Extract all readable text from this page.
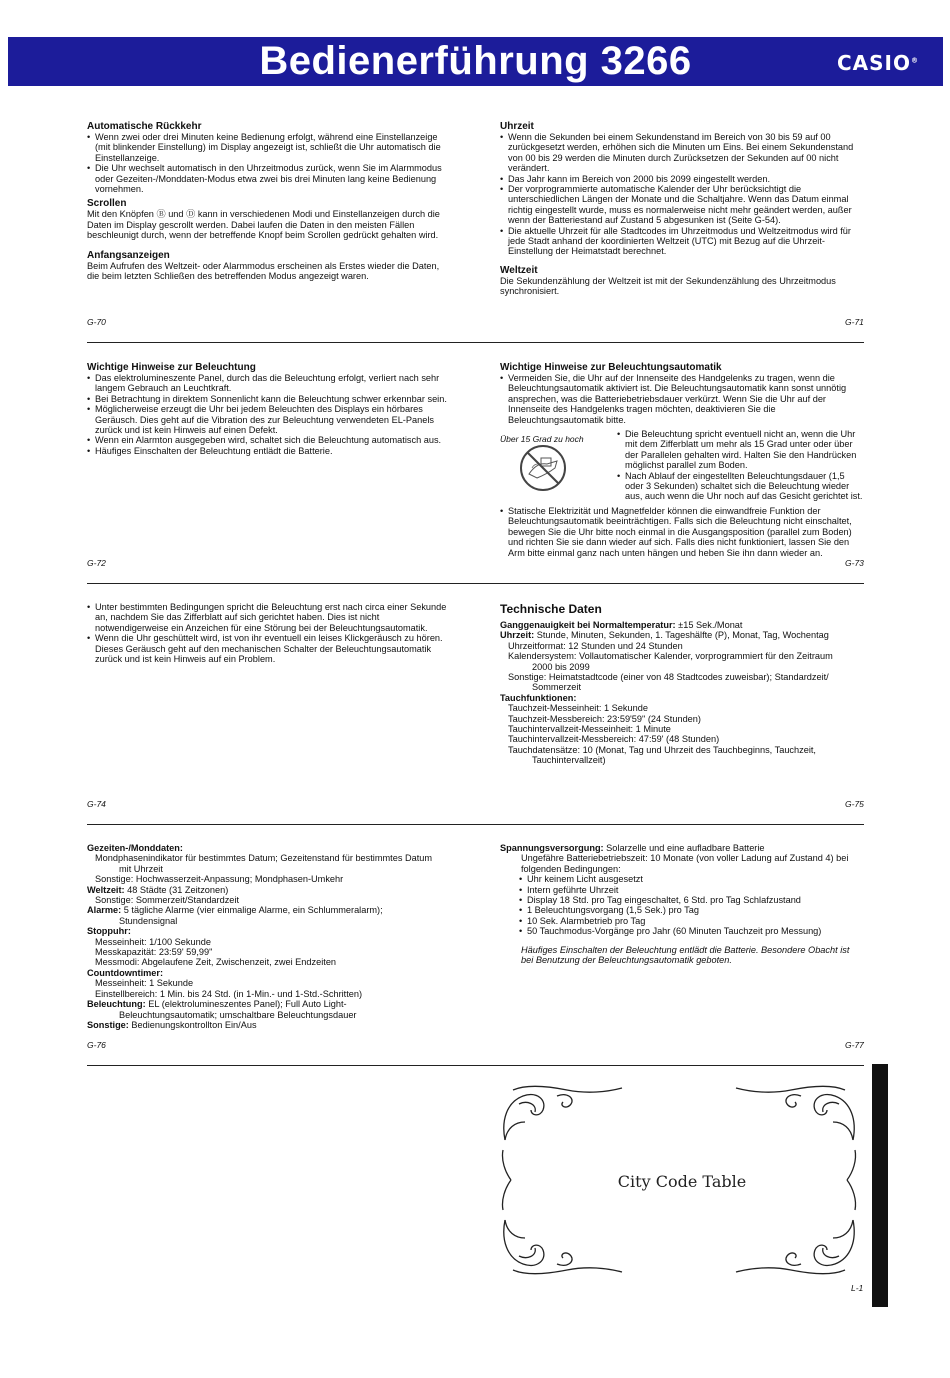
Bedienerführung 3266	CASIO®
Automatische Rückkehr
• Wenn zwei oder drei Minuten keine Bedienung erfolgt, während eine Einstellanzeige (mit blinkender Einstellung) im Display angezeigt ist, schließt die Uhr automatisch die Einstellanzeige.
• Die Uhr wechselt automatisch in den Uhrzeitmodus zurück, wenn Sie im Alarmmodus oder Gezeiten-/Monddaten-Modus etwa zwei bis drei Minuten lang keine Bedienung vornehmen.
Scrollen

Mit den Knöpfen Ⓑ und Ⓓ kann in verschiedenen Modi und Einstellanzeigen durch die Daten im Display gescrollt werden. Dabei laufen die Daten in den meisten Fällen beschleunigt durch, wenn der betreffende Knopf beim Scrollen gedrückt gehalten wird.

Anfangsanzeigen

Beim Aufrufen des Weltzeit- oder Alarmmodus erscheinen als Erstes wieder die Daten, die beim letzten Schließen des betreffenden Modus angezeigt waren.

G-70
Uhrzeit
• Wenn die Sekunden bei einem Sekundenstand im Bereich von 30 bis 59 auf 00 zurückgesetzt werden, erhöhen sich die Minuten um Eins. Bei einem Sekundenstand von 00 bis 29 werden die Minuten durch Zurücksetzen der Sekunden auf 00 nicht verändert.
• Das Jahr kann im Bereich von 2000 bis 2099 eingestellt werden.
• Der vorprogrammierte automatische Kalender der Uhr berücksichtigt die unterschiedlichen Längen der Monate und die Schaltjahre. Wenn das Datum einmal richtig eingestellt wurde, muss es normalerweise nicht mehr geändert werden, außer wenn der Batteriestand auf Zustand 5 abgesunken ist (Seite G-54).
• Die aktuelle Uhrzeit für alle Stadtcodes im Uhrzeitmodus und Weltzeitmodus wird für jede Stadt anhand der koordinierten Weltzeit (UTC) mit Bezug auf die Uhrzeit-Einstellung der Heimatstadt berechnet.
Weltzeit

Die Sekundenzählung der Weltzeit ist mit der Sekundenzählung des Uhrzeitmodus synchronisiert.

G-71
Wichtige Hinweise zur Beleuchtung
• Das elektrolumineszente Panel, durch das die Beleuchtung erfolgt, verliert nach sehr langem Gebrauch an Leuchtkraft.
• Bei Betrachtung in direktem Sonnenlicht kann die Beleuchtung schwer erkennbar sein.
• Möglicherweise erzeugt die Uhr bei jedem Beleuchten des Displays ein hörbares Geräusch. Dies geht auf die Vibration des zur Beleuchtung verwendeten EL-Panels zurück und ist kein Hinweis auf einen Defekt.
• Wenn ein Alarmton ausgegeben wird, schaltet sich die Beleuchtung automatisch aus.
• Häufiges Einschalten der Beleuchtung entlädt die Batterie.
G-72
Wichtige Hinweise zur Beleuchtungsautomatik
• Vermeiden Sie, die Uhr auf der Innenseite des Handgelenks zu tragen, wenn die Beleuchtungsautomatik aktiviert ist. Die Beleuchtungsautomatik kann sonst unnötig ansprechen, was die Batteriebetriebsdauer verkürzt. Wenn Sie die Uhr auf der Innenseite des Handgelenks tragen möchten, deaktivieren Sie die Beleuchtungsautomatik bitte.
Über 15 Grad zu hoch
•	Die Beleuchtung spricht eventuell nicht an, wenn die Uhr mit dem Zifferblatt um mehr als 15 Grad unter oder über der Parallelen gehalten wird. Halten Sie den Handrücken möglichst parallel zum Boden.
• Nach Ablauf der eingestellten Beleuchtungsdauer (1,5 oder 3 Sekunden) schaltet sich die Beleuchtung wieder aus, auch wenn die Uhr noch auf das Gesicht gerichtet ist.
• Statische Elektrizität und Magnetfelder können die einwandfreie Funktion der Beleuchtungsautomatik beeinträchtigen. Falls sich die Beleuchtung nicht einschaltet, bewegen Sie die Uhr bitte noch einmal in die Ausgangsposition (parallel zum Boden) und richten Sie sie dann wieder auf sich. Falls dies nicht funktioniert, lassen Sie den Arm bitte einmal ganz nach unten hängen und heben Sie ihn dann wieder an.
G-73
• Unter bestimmten Bedingungen spricht die Beleuchtung erst nach circa einer Sekunde an, nachdem Sie das Zifferblatt auf sich gerichtet haben. Dies ist nicht notwendigerweise ein Anzeichen für eine Störung bei der Beleuchtungsautomatik.
• Wenn die Uhr geschüttelt wird, ist von ihr eventuell ein leises Klickgeräusch zu hören. Dieses Geräusch geht auf den mechanischen Schalter der Beleuchtungsautomatik zurück und ist kein Hinweis auf ein Problem.
G-74
Technische Daten

Ganggenauigkeit bei Normaltemperatur: ±15 Sek./Monat

Uhrzeit: Stunde, Minuten, Sekunden, 1. Tageshälfte (P), Monat, Tag, Wochentag

Uhrzeitformat: 12 Stunden und 24 Stunden

Kalendersystem: Vollautomatischer Kalender, vorprogrammiert für den Zeitraum

2000 bis 2099

Sonstige: Heimatstadtcode (einer von 48 Stadtcodes zuweisbar); Standardzeit/

Sommerzeit

Tauchfunktionen:

Tauchzeit-Messeinheit: 1 Sekunde

Tauchzeit-Messbereich: 23:59'59" (24 Stunden)

Tauchintervallzeit-Messeinheit: 1 Minute

Tauchintervallzeit-Messbereich: 47:59' (48 Stunden)

Tauchdatensätze: 10 (Monat, Tag und Uhrzeit des Tauchbeginns, Tauchzeit,

Tauchintervallzeit)

G-75

Gezeiten-/Monddaten:

Mondphasenindikator für bestimmtes Datum; Gezeitenstand für bestimmtes Datum

mit Uhrzeit

Sonstige: Hochwasserzeit-Anpassung; Mondphasen-Umkehr

Weltzeit: 48 Städte (31 Zeitzonen)

Sonstige: Sommerzeit/Standardzeit

Alarme: 5 tägliche Alarme (vier einmalige Alarme, ein Schlummeralarm);

Stundensignal

Stoppuhr:

Messeinheit: 1/100 Sekunde

Messkapazität: 23:59' 59,99"

Messmodi: Abgelaufene Zeit, Zwischenzeit, zwei Endzeiten

Countdowntimer:

Messeinheit: 1 Sekunde

Einstellbereich: 1 Min. bis 24 Std. (in 1-Min.- und 1-Std.-Schritten)

Beleuchtung: EL (elektrolumineszentes Panel); Full Auto Light-

Beleuchtungsautomatik; umschaltbare Beleuchtungsdauer

Sonstige: Bedienungskontrollton Ein/Aus

G-76

Spannungsversorgung: Solarzelle und eine aufladbare Batterie

Ungefähre Batteriebetriebszeit: 10 Monate (von voller Ladung auf Zustand 4) bei

folgenden Bedingungen:

• Uhr keinem Licht ausgesetzt
• Intern geführte Uhrzeit
• Display 18 Std. pro Tag eingeschaltet, 6 Std. pro Tag Schlafzustand
• 1 Beleuchtungsvorgang (1,5 Sek.) pro Tag
• 10 Sek. Alarmbetrieb pro Tag
• 50 Tauchmodus-Vorgänge pro Jahr (60 Minuten Tauchzeit pro Messung)

Häufiges Einschalten der Beleuchtung entlädt die Batterie. Besondere Obacht ist

bei Benutzung der Beleuchtungsautomatik geboten.

G-77
City Code Table
L-1
